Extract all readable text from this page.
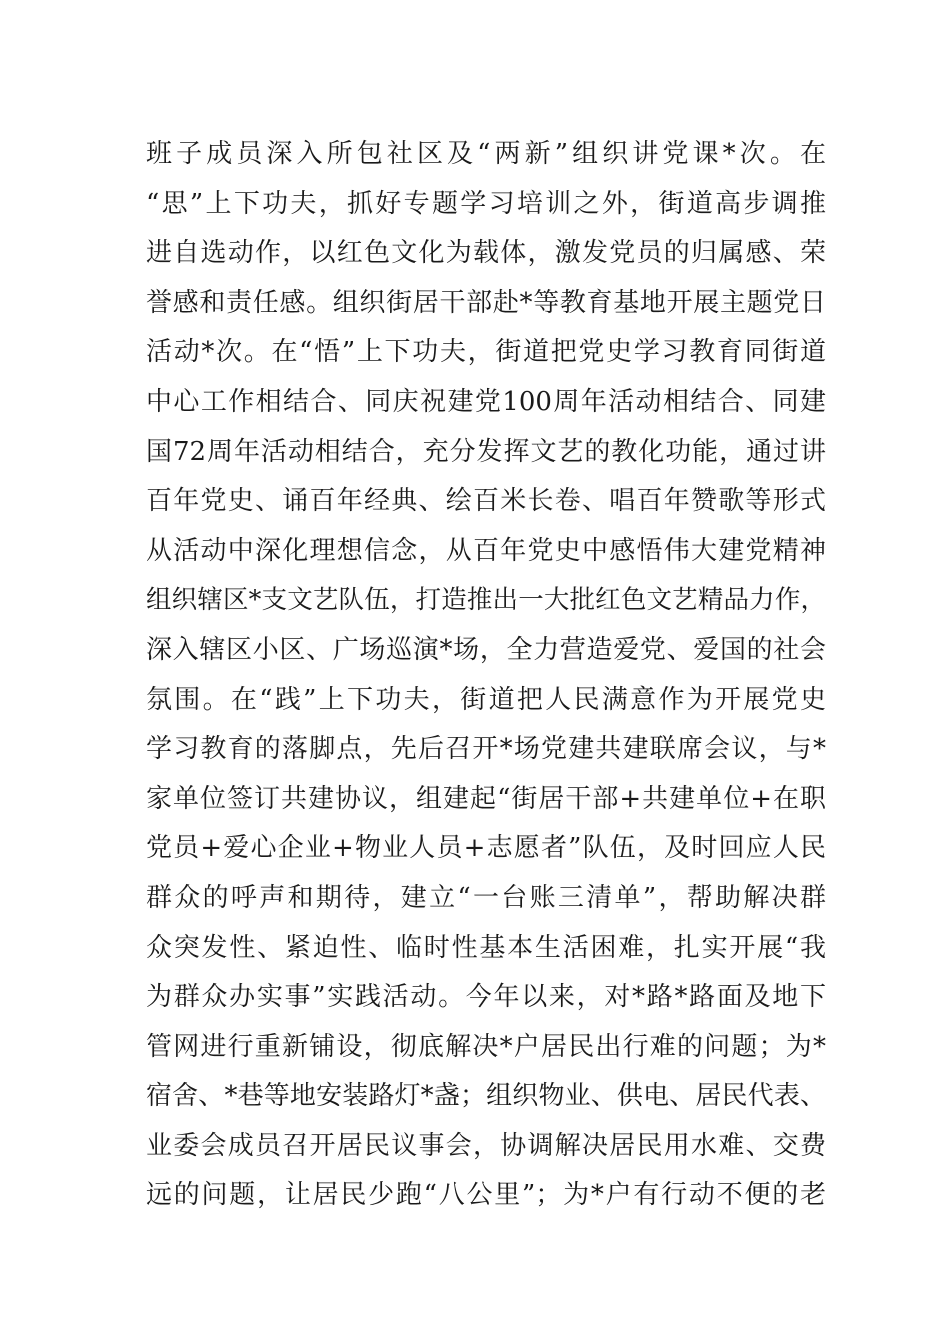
班子成员深入所包社区及“两新”组织讲党课*次。在
“思”上下功夫，抓好专题学习培训之外，街道高步调推
进自选动作，以红色文化为载体，激发党员的归属感、荣
誉感和责任感。组织街居干部赴*等教育基地开展主题党日
活动*次。在“悟”上下功夫，街道把党史学习教育同街道
中心工作相结合、同庆祝建党100周年活动相结合、同建
国72周年活动相结合，充分发挥文艺的教化功能，通过讲
百年党史、诵百年经典、绘百米长卷、唱百年赞歌等形式
从活动中深化理想信念，从百年党史中感悟伟大建党精神
组织辖区*支文艺队伍，打造推出一大批红色文艺精品力作，
深入辖区小区、广场巡演*场，全力营造爱党、爱国的社会
氛围。在“践”上下功夫，街道把人民满意作为开展党史
学习教育的落脚点，先后召开*场党建共建联席会议，与*
家单位签订共建协议，组建起“街居干部+共建单位+在职
党员+爱心企业+物业人员+志愿者”队伍，及时回应人民
群众的呼声和期待，建立“一台账三清单”，帮助解决群
众突发性、紧迫性、临时性基本生活困难，扎实开展“我
为群众办实事”实践活动。今年以来，对*路*路面及地下
管网进行重新铺设，彻底解决*户居民出行难的问题；为*
宿舍、*巷等地安装路灯*盏；组织物业、供电、居民代表、
业委会成员召开居民议事会，协调解决居民用水难、交费
远的问题，让居民少跑“八公里”；为*户有行动不便的老
